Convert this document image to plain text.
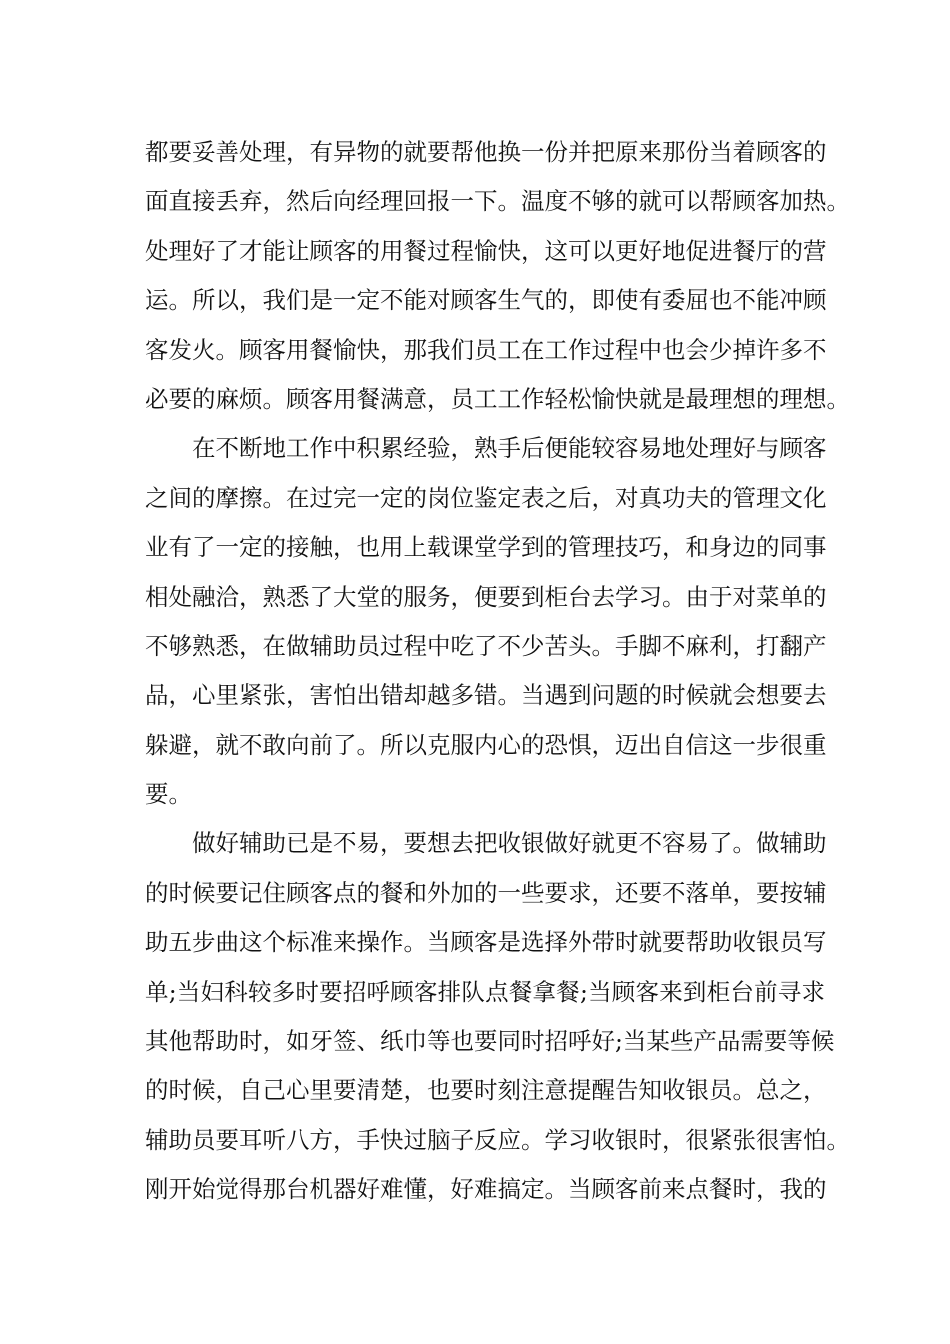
都要妥善处理，有异物的就要帮他换一份并把原来那份当着顾客的
面直接丢弃，然后向经理回报一下。温度不够的就可以帮顾客加热。
处理好了才能让顾客的用餐过程愉快，这可以更好地促进餐厅的营
运。所以，我们是一定不能对顾客生气的，即使有委屈也不能冲顾
客发火。顾客用餐愉快，那我们员工在工作过程中也会少掉许多不
必要的麻烦。顾客用餐满意，员工工作轻松愉快就是最理想的理想。
在不断地工作中积累经验，熟手后便能较容易地处理好与顾客
之间的摩擦。在过完一定的岗位鉴定表之后，对真功夫的管理文化
业有了一定的接触，也用上载课堂学到的管理技巧，和身边的同事
相处融洽，熟悉了大堂的服务，便要到柜台去学习。由于对菜单的
不够熟悉，在做辅助员过程中吃了不少苦头。手脚不麻利，打翻产
品，心里紧张，害怕出错却越多错。当遇到问题的时候就会想要去
躲避，就不敢向前了。所以克服内心的恐惧，迈出自信这一步很重
要。
做好辅助已是不易，要想去把收银做好就更不容易了。做辅助
的时候要记住顾客点的餐和外加的一些要求，还要不落单，要按辅
助五步曲这个标准来操作。当顾客是选择外带时就要帮助收银员写
单;当妇科较多时要招呼顾客排队点餐拿餐;当顾客来到柜台前寻求
其他帮助时，如牙签、纸巾等也要同时招呼好;当某些产品需要等候
的时候，自己心里要清楚，也要时刻注意提醒告知收银员。总之，
辅助员要耳听八方，手快过脑子反应。学习收银时，很紧张很害怕。
刚开始觉得那台机器好难懂，好难搞定。当顾客前来点餐时，我的
